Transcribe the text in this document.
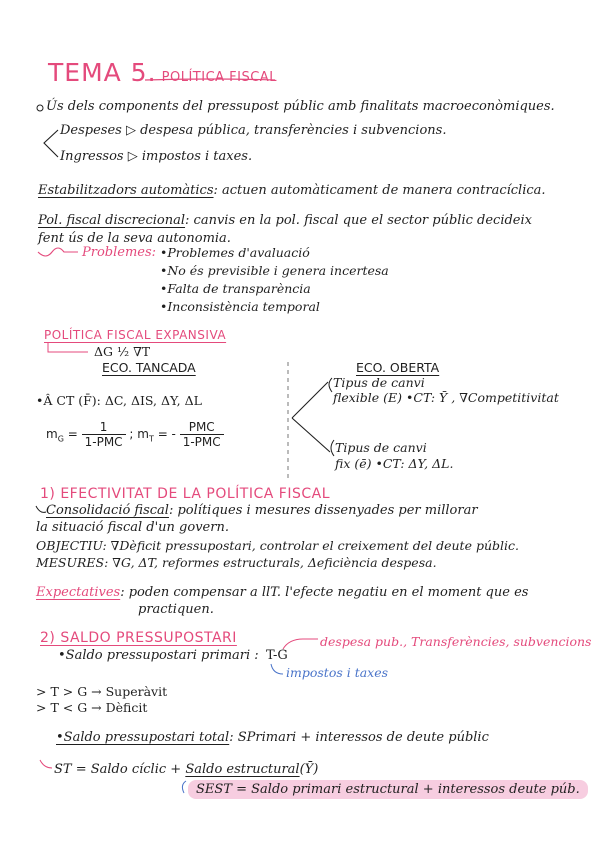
TEMA 5. POLÍTICA FISCAL
Ús dels components del pressupost públic amb finalitats macroeconòmiques.
Despeses ▷ despesa pública, transferències i subvencions.
Ingressos ▷ impostos i taxes.
Estabilitzadors automàtics: actuen automàticament de manera contracíclica.
Pol. fiscal discrecional: canvis en la pol. fiscal que el sector públic decideix
fent ús de la seva autonomia.
Problemes: •Problemes d'avaluació
•No és previsible i genera incertesa
•Falta de transparència
•Inconsistència temporal
POLÍTICA FISCAL EXPANSIVA
ΔG ½ ∇T
ECO. TANCADA
•Â CT (F̄): ΔC, ΔIS, ΔY, ΔL
$m_G = \frac{1}{\text{1-PMC}}$ ; $m_T$ = - $\frac{\text{PMC}}{\text{1-PMC}}$
ECO. OBERTA
Tipus de canvi
flexible (E) •CT: Ȳ , ∇Competitivitat
Tipus de canvi
fix (ē) •CT: ΔY, ΔL.
1) EFECTIVITAT DE LA POLÍTICA FISCAL
Consolidació fiscal: polítiques i mesures dissenyades per millorar
la situació fiscal d'un govern.
OBJECTIU: ∇Dèficit pressupostari, controlar el creixement del deute públic.
MESURES: ∇G, ΔT, reformes estructurals, Δeficiència despesa.
Expectatives: poden compensar a llT. l'efecte negatiu en el moment que es
practiquen.
2) SALDO PRESSUPOSTARI
•Saldo pressupostari primari : T-G
despesa pub., Transferències, subvencions
impostos i taxes
> T > G → Superàvit
> T < G → Dèficit
•Saldo pressupostari total: SPrimari + interessos de deute públic
ST = Saldo cíclic + Saldo estructural(Ȳ)
SEST = Saldo primari estructural + interessos deute púb.
